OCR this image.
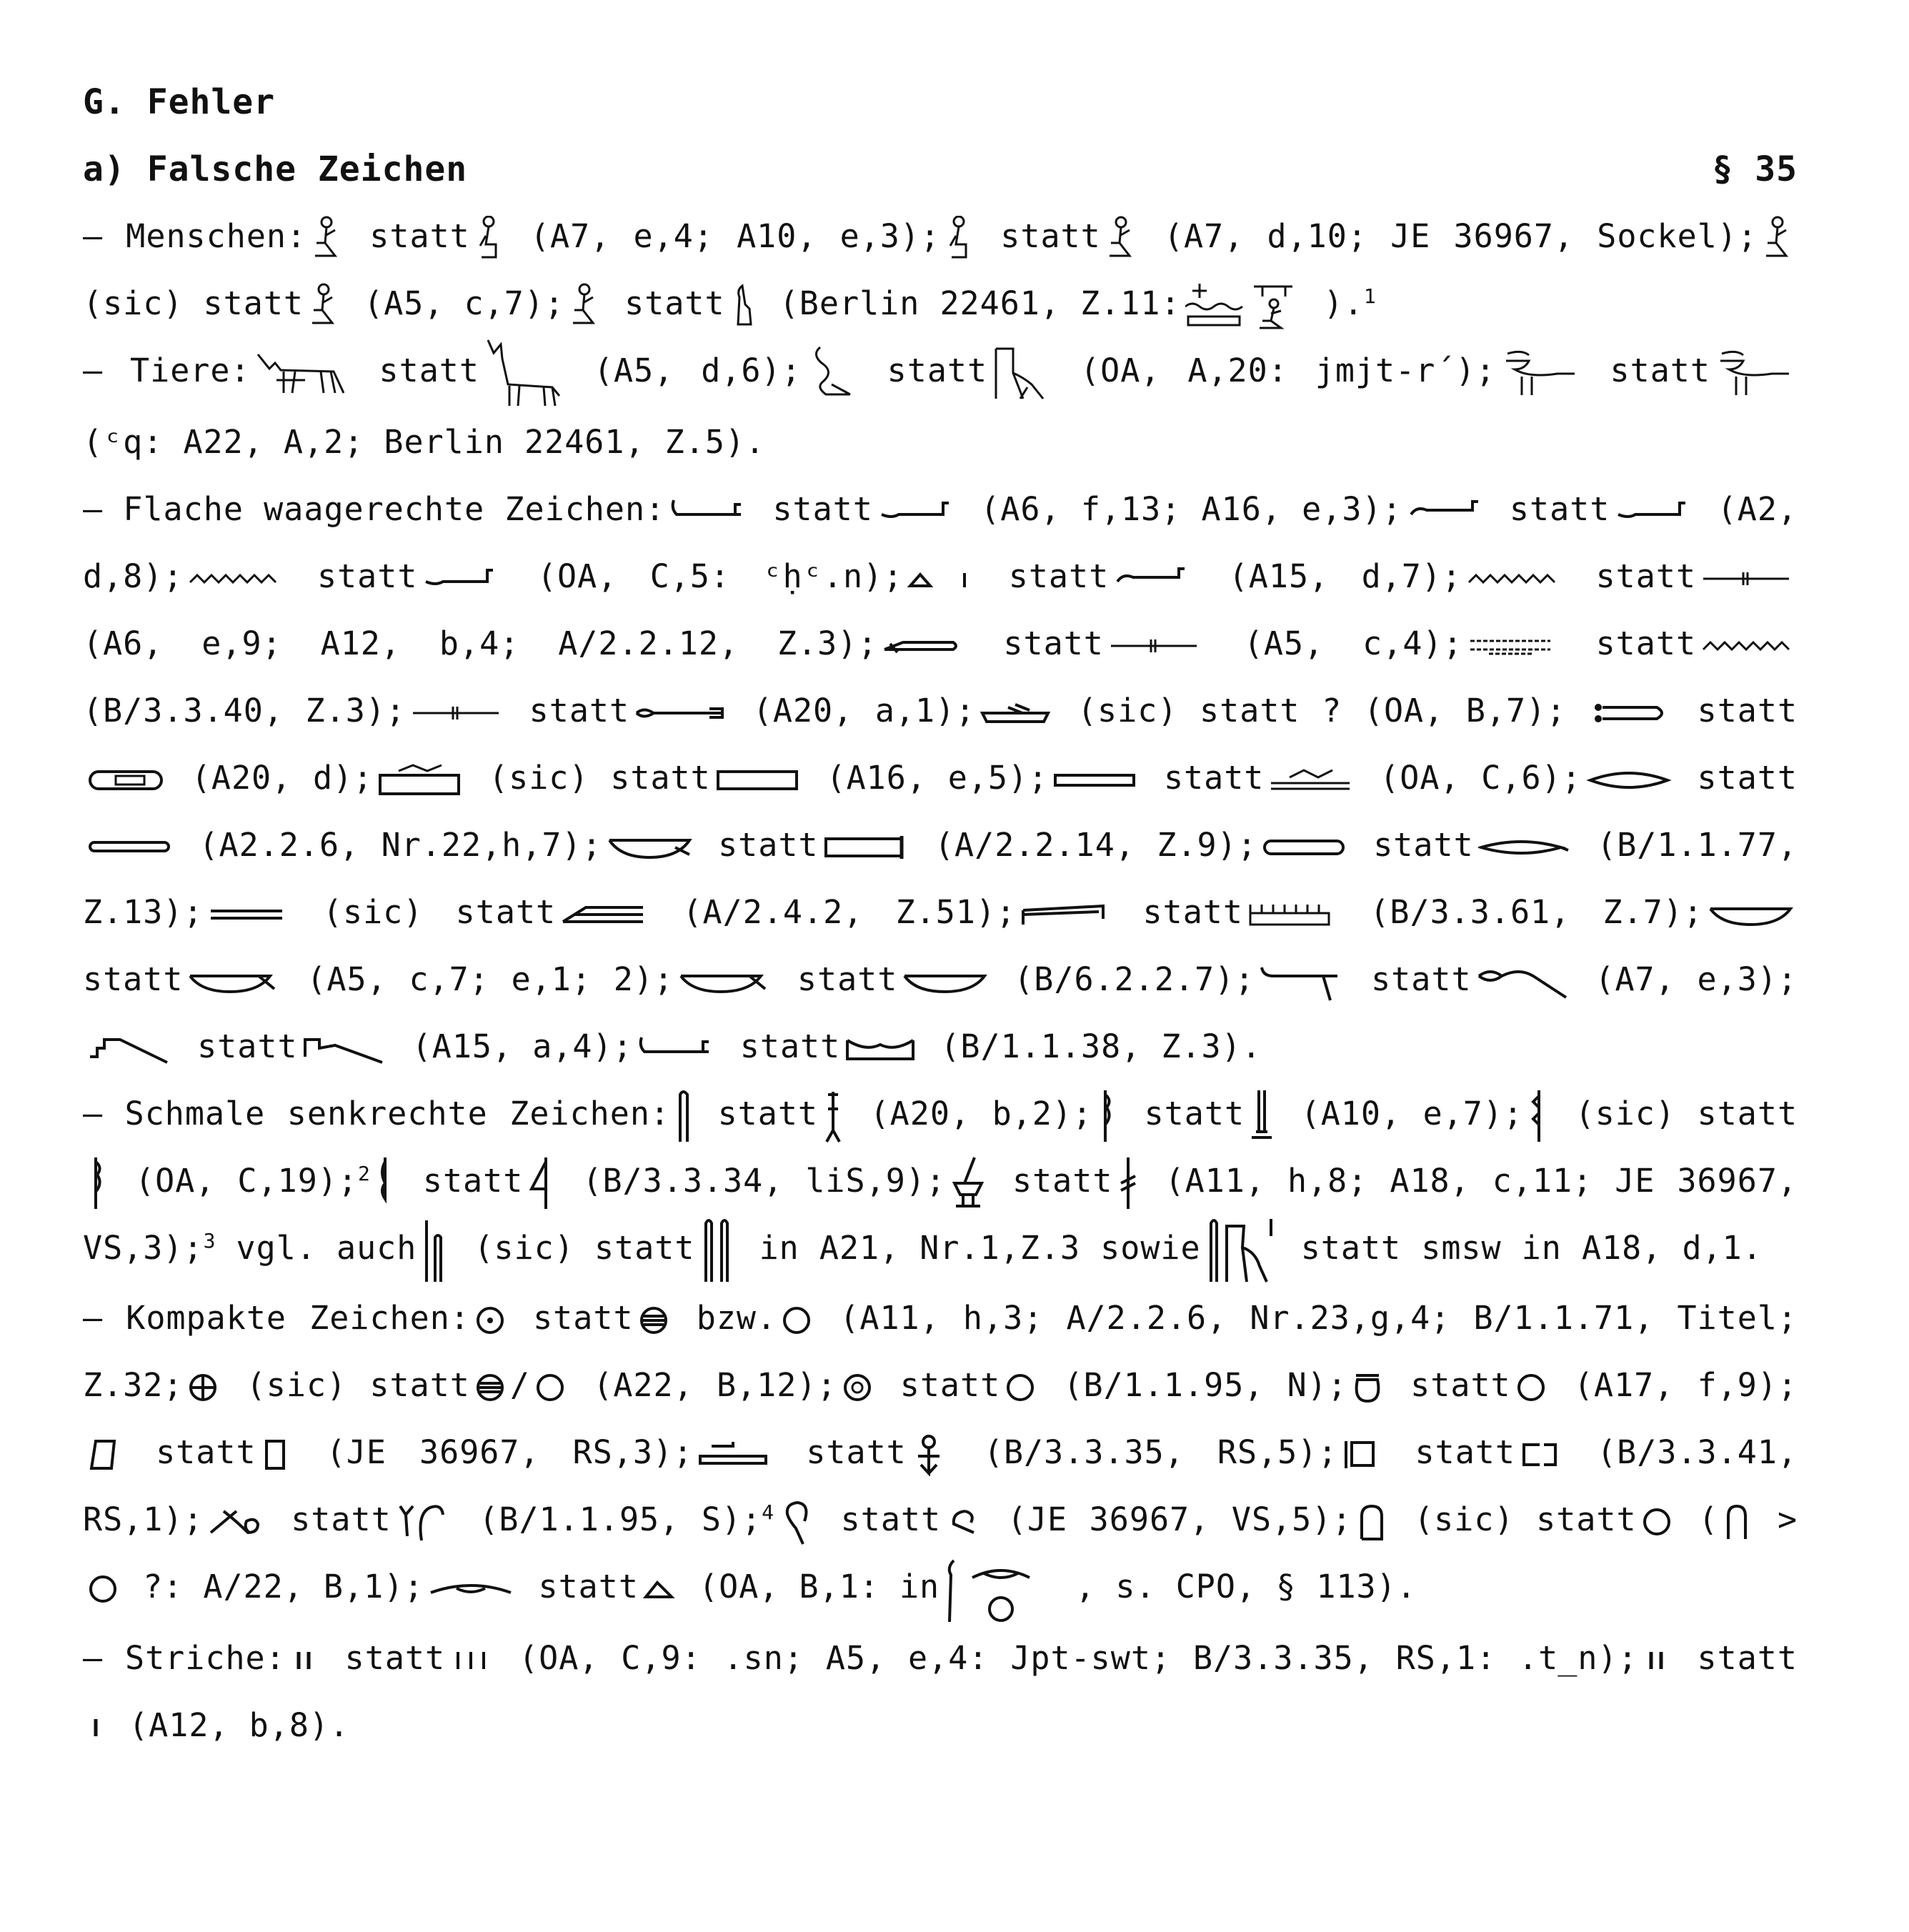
G. Fehler
a) Falsche Zeichen	§ 35

– Menschen: statt (A7, e,4; A10, e,3); statt (A7, d,10; JE 36967, Sockel);
(sic) statt (A5, c,7); statt (Berlin 22461, Z.11:	).$^1$

– Tiere:	statt	(A5, d,6);	statt	(OA, A,20: jmjt-r´);	statt
(ᶜq: A22, A,2; Berlin 22461, Z.5).

– Flache waagerechte Zeichen:	statt	(A6, f,13; A16, e,3);	statt	(A2, d,8);	statt	(OA, C,5: ᶜḥᶜ.n);	statt	(A15, d,7);	statt
(A6, e,9; A12, b,4; A/2.2.12, Z.3);	statt	(A5, c,4);	statt
(B/3.3.40, Z.3);	statt	(A20, a,1);	(sic) statt ? (OA, B,7);	statt
(A20, d);	(sic) statt	(A16, e,5);	statt	(OA, C,6);	statt
(A2.2.6, Nr.22,h,7);	statt	(A/2.2.14, Z.9);	statt	(B/1.1.77, Z.13);	(sic) statt	(A/2.4.2, Z.51);	statt	(B/3.3.61, Z.7);
statt	(A5, c,7; e,1; 2);	statt	(B/6.2.2.7);	statt	(A7, e,3);
statt	(A15, a,4);	statt	(B/1.1.38, Z.3).

– Schmale senkrechte Zeichen: statt (A20, b,2); statt (A10, e,7); (sic) statt
(OA, C,19);$^2$ statt (B/3.3.34, liS,9); statt (A11, h,8; A18, c,11; JE 36967, VS,3);$^3$ vgl. auch (sic) statt in A21, Nr.1,Z.3 sowie	statt smsw in A18, d,1.

– Kompakte Zeichen: statt bzw. (A11, h,3; A/2.2.6, Nr.23,g,4; B/1.1.71, Titel; Z.32; (sic) statt / (A22, B,12); statt (B/1.1.95, N); statt (A17, f,9);
statt (JE 36967, RS,3);	statt (B/3.3.35, RS,5); statt	(B/3.3.41, RS,1);	statt	(B/1.1.95, S);$^4$ statt (JE 36967, VS,5); (sic) statt ( >
?: A/22, B,1);	statt (OA, B,1: in	, s. CPO, § 113).

– Striche: statt (OA, C,9: .sn; A5, e,4: Jpt-swt; B/3.3.35, RS,1: .t̲n); statt
(A12, b,8).
